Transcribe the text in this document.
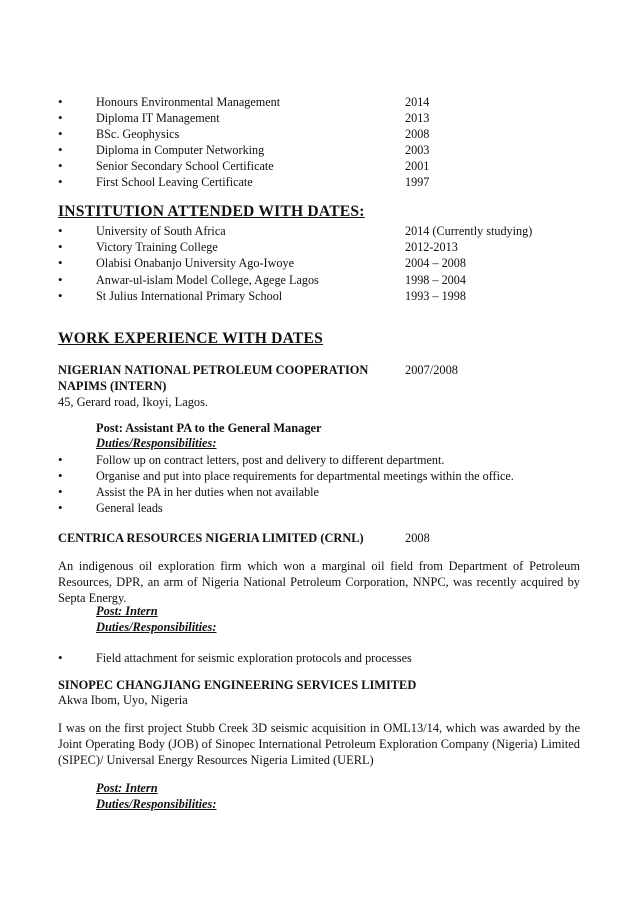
•	Honours Environmental Management	2014
•	Diploma IT Management	2013
•	BSc. Geophysics	2008
•	Diploma in Computer Networking	2003
•	Senior Secondary School Certificate	2001
•	First School Leaving Certificate	1997
INSTITUTION ATTENDED WITH DATES:
•	University of South Africa	2014 (Currently studying)
•	Victory Training College	2012-2013
•	Olabisi Onabanjo University Ago-Iwoye	2004 – 2008
•	Anwar-ul-islam Model College, Agege Lagos	1998 – 2004
•	St Julius International Primary School	1993 – 1998
WORK EXPERIENCE WITH DATES
NIGERIAN NATIONAL PETROLEUM COOPERATION	2007/2008
NAPIMS (INTERN)
45, Gerard road, Ikoyi, Lagos.
Post: Assistant PA to the General Manager
Duties/Responsibilities:
•	Follow up on contract letters, post and delivery to different department.
•	Organise and put into place requirements for departmental meetings within the office.
•	Assist the PA in her duties when not available
•	General leads
CENTRICA RESOURCES NIGERIA LIMITED (CRNL)	2008
An indigenous oil exploration firm which won a marginal oil field from Department of Petroleum Resources, DPR, an arm of Nigeria National Petroleum Corporation, NNPC, was recently acquired by Septa Energy.
Post: Intern
Duties/Responsibilities:
•	Field attachment for seismic exploration protocols and processes
SINOPEC CHANGJIANG ENGINEERING SERVICES LIMITED
Akwa Ibom, Uyo, Nigeria
I was on the first project Stubb Creek 3D seismic acquisition in OML13/14, which was awarded by the Joint Operating Body (JOB) of Sinopec International Petroleum Exploration Company (Nigeria) Limited (SIPEC)/ Universal Energy Resources Nigeria Limited (UERL)
Post: Intern
Duties/Responsibilities:
